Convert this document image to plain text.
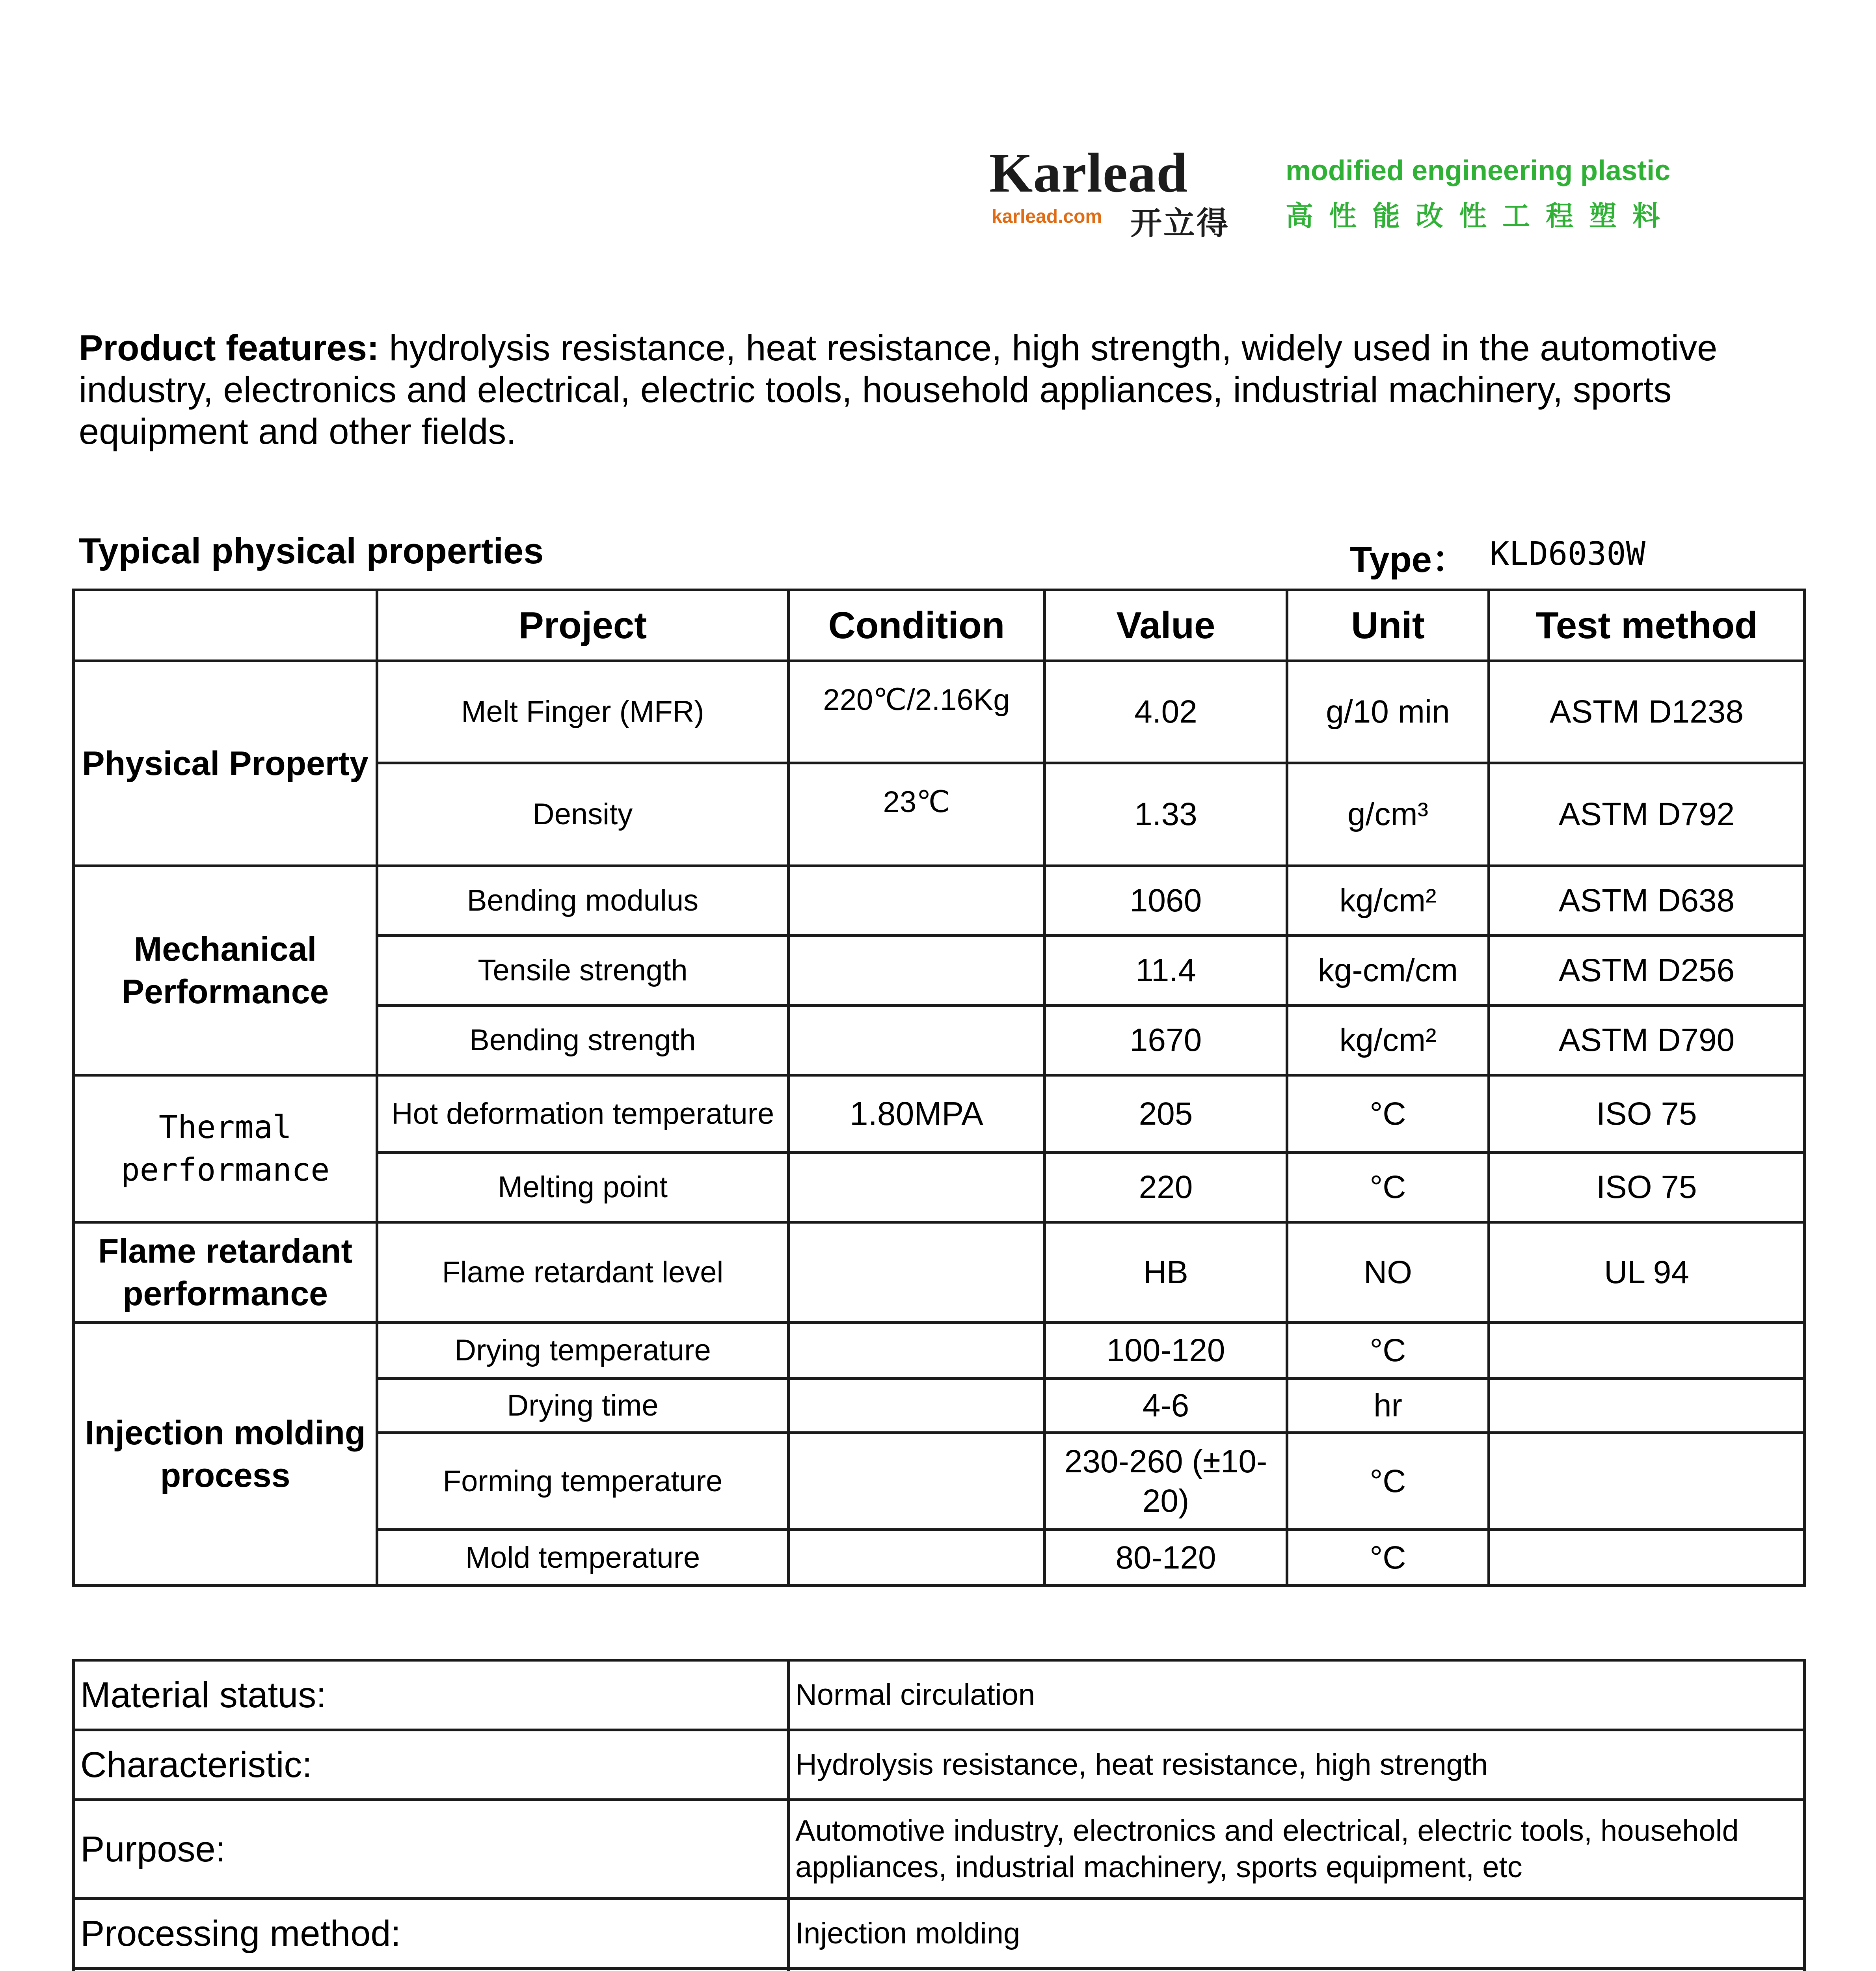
Karlead
karlead.com 开立得
modified engineering plastic
高性能改性工程塑料
Product features: hydrolysis resistance, heat resistance, high strength, widely used in the automotive industry, electronics and electrical, electric tools, household appliances, industrial machinery, sports equipment and other fields.
Typical physical properties	Type： KLD6030W
	Project	Condition	Value	Unit	Test method
Physical Property	Melt Finger (MFR)	220℃/2.16Kg	4.02	g/10 min	ASTM D1238
	Density	23℃	1.33	g/cm³	ASTM D792
Mechanical Performance	Bending modulus		1060	kg/cm²	ASTM D638
	Tensile strength		11.4	kg-cm/cm	ASTM D256
	Bending strength		1670	kg/cm²	ASTM D790
Thermal performance	Hot deformation temperature	1.80MPA	205	°C	ISO 75
	Melting point		220	°C	ISO 75
Flame retardant performance	Flame retardant level		HB	NO	UL 94
Injection molding process	Drying temperature		100-120	°C	
	Drying time		4-6	hr	
	Forming temperature		230-260 (±10-20)	°C	
	Mold temperature		80-120	°C	
Material status:	Normal circulation
Characteristic:	Hydrolysis resistance, heat resistance, high strength
Purpose:	Automotive industry, electronics and electrical, electric tools, household appliances, industrial machinery, sports equipment, etc
Processing method:	Injection molding
